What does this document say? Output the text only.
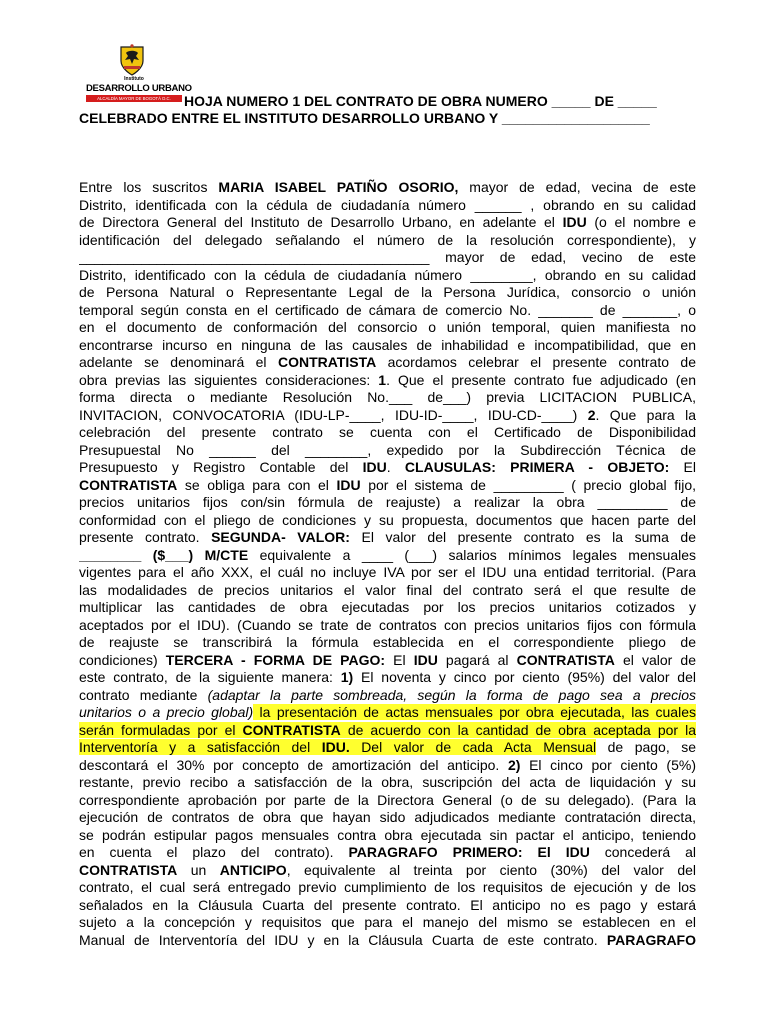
Instituto
DESARROLLO URBANO
ALCALDÍA MAYOR DE BOGOTÁ D.C. HOJA NUMERO 1 DEL CONTRATO DE OBRA NUMERO _____ DE _____
CELEBRADO ENTRE EL INSTITUTO DESARROLLO URBANO Y ___________________
Entre los suscritos MARIA ISABEL PATIÑO OSORIO, mayor de edad, vecina de este
Distrito, identificada con la cédula de ciudadanía número ______ , obrando en su calidad
de Directora General del Instituto de Desarrollo Urbano, en adelante el IDU (o el nombre e
identificación del delegado señalando el número de la resolución correspondiente), y
_____________________________________________ mayor de edad, vecino de este
Distrito, identificado con la cédula de ciudadanía número ________, obrando en su calidad
de Persona Natural o Representante Legal de la Persona Jurídica, consorcio o unión
temporal según consta en el certificado de cámara de comercio No. _______ de _______, o
en el documento de conformación del consorcio o unión temporal, quien manifiesta no
encontrarse incurso en ninguna de las causales de inhabilidad e incompatibilidad, que en
adelante se denominará el CONTRATISTA acordamos celebrar el presente contrato de
obra previas las siguientes consideraciones: 1. Que el presente contrato fue adjudicado (en
forma directa o mediante Resolución No.___ de___) previa LICITACION PUBLICA,
INVITACION, CONVOCATORIA (IDU-LP-____, IDU-ID-____, IDU-CD-____) 2. Que para la
celebración del presente contrato se cuenta con el Certificado de Disponibilidad
Presupuestal No ______ del ________, expedido por la Subdirección Técnica de
Presupuesto y Registro Contable del IDU. CLAUSULAS: PRIMERA - OBJETO: El
CONTRATISTA se obliga para con el IDU por el sistema de _________ ( precio global fijo,
precios unitarios fijos con/sin fórmula de reajuste) a realizar la obra _________ de
conformidad con el pliego de condiciones y su propuesta, documentos que hacen parte del
presente contrato. SEGUNDA- VALOR: El valor del presente contrato es la suma de
________ ($___) M/CTE equivalente a ____ (___) salarios mínimos legales mensuales
vigentes para el año XXX, el cuál no incluye IVA por ser el IDU una entidad territorial. (Para
las modalidades de precios unitarios el valor final del contrato será el que resulte de
multiplicar las cantidades de obra ejecutadas por los precios unitarios cotizados y
aceptados por el IDU). (Cuando se trate de contratos con precios unitarios fijos con fórmula
de reajuste se transcribirá la fórmula establecida en el correspondiente pliego de
condiciones) TERCERA - FORMA DE PAGO: El IDU pagará al CONTRATISTA el valor de
este contrato, de la siguiente manera: 1) El noventa y cinco por ciento (95%) del valor del
contrato mediante (adaptar la parte sombreada, según la forma de pago sea a precios
unitarios o a precio global) la presentación de actas mensuales por obra ejecutada, las cuales
serán formuladas por el CONTRATISTA de acuerdo con la cantidad de obra aceptada por la
Interventoría y a satisfacción del IDU. Del valor de cada Acta Mensual de pago, se
descontará el 30% por concepto de amortización del anticipo. 2) El cinco por ciento (5%)
restante, previo recibo a satisfacción de la obra, suscripción del acta de liquidación y su
correspondiente aprobación por parte de la Directora General (o de su delegado). (Para la
ejecución de contratos de obra que hayan sido adjudicados mediante contratación directa,
se podrán estipular pagos mensuales contra obra ejecutada sin pactar el anticipo, teniendo
en cuenta el plazo del contrato). PARAGRAFO PRIMERO: El IDU concederá al
CONTRATISTA un ANTICIPO, equivalente al treinta por ciento (30%) del valor del
contrato, el cual será entregado previo cumplimiento de los requisitos de ejecución y de los
señalados en la Cláusula Cuarta del presente contrato. El anticipo no es pago y estará
sujeto a la concepción y requisitos que para el manejo del mismo se establecen en el
Manual de Interventoría del IDU y en la Cláusula Cuarta de este contrato. PARAGRAFO
